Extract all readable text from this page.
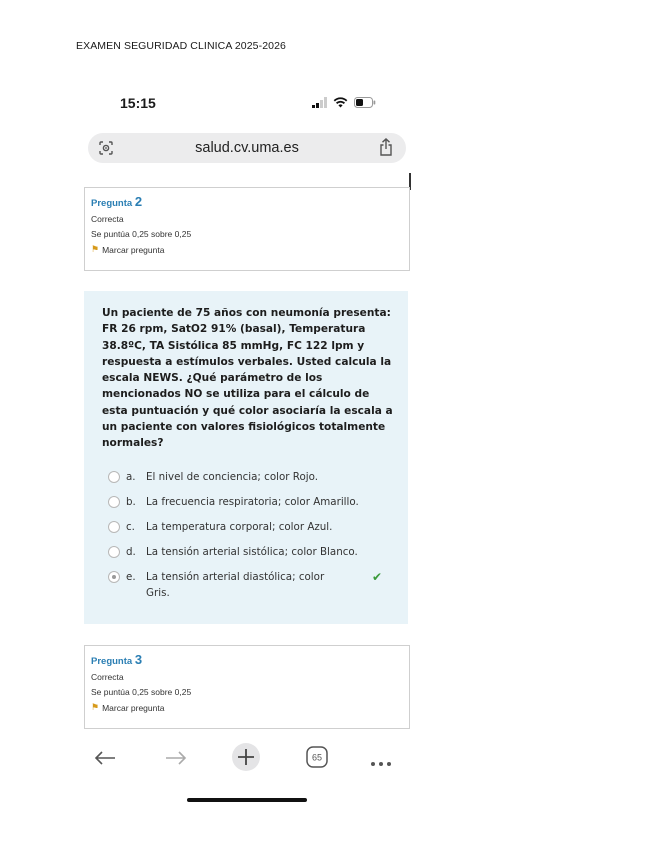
EXAMEN SEGURIDAD CLINICA 2025-2026
15:15
salud.cv.uma.es
Pregunta 2
Correcta
Se puntúa 0,25 sobre 0,25
⚑ Marcar pregunta
Un paciente de 75 años con neumonía presenta: FR 26 rpm, SatO2 91% (basal), Temperatura 38.8ºC, TA Sistólica 85 mmHg, FC 122 lpm y respuesta a estímulos verbales. Usted calcula la escala NEWS. ¿Qué parámetro de los mencionados NO se utiliza para el cálculo de esta puntuación y qué color asociaría la escala a un paciente con valores fisiológicos totalmente normales?
a. El nivel de conciencia; color Rojo.
b. La frecuencia respiratoria; color Amarillo.
c. La temperatura corporal; color Azul.
d. La tensión arterial sistólica; color Blanco.
e. La tensión arterial diastólica; color Gris.
✔
Pregunta 3
Correcta
Se puntúa 0,25 sobre 0,25
⚑ Marcar pregunta
65
